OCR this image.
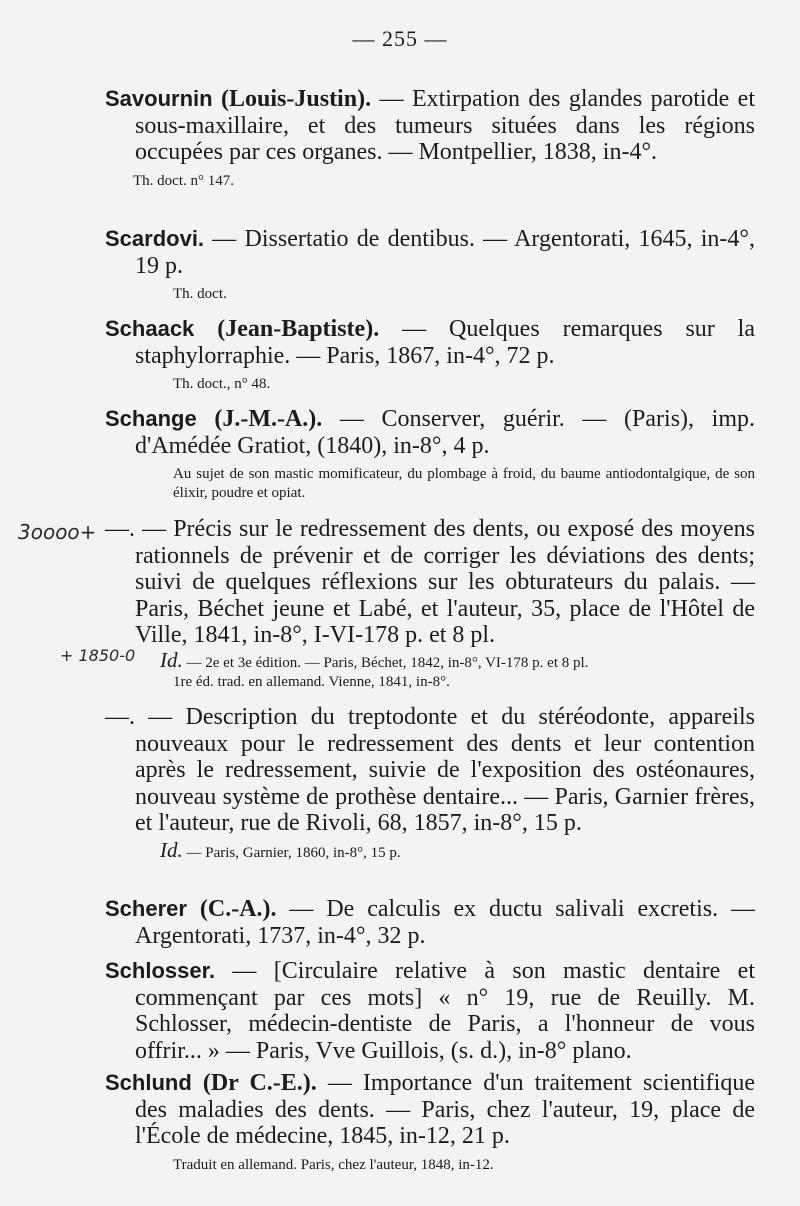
— 255 —
3oooo+
+ 1850-0
Savournin (Louis-Justin). — Extirpation des glandes parotide et sous-maxillaire, et des tumeurs situées dans les régions occupées par ces organes. — Montpellier, 1838, in-4°.
Th. doct. n° 147.
Scardovi. — Dissertatio de dentibus. — Argentorati, 1645, in-4°, 19 p.
Th. doct.
Schaack (Jean-Baptiste). — Quelques remarques sur la staphylorraphie. — Paris, 1867, in-4°, 72 p.
Th. doct., n° 48.
Schange (J.-M.-A.). — Conserver, guérir. — (Paris), imp. d'Amédée Gratiot, (1840), in-8°, 4 p.
Au sujet de son mastic momificateur, du plombage à froid, du baume antiodontalgique, de son élixir, poudre et opiat.
—. — Précis sur le redressement des dents, ou exposé des moyens rationnels de prévenir et de corriger les déviations des dents; suivi de quelques réflexions sur les obturateurs du palais. — Paris, Béchet jeune et Labé, et l'auteur, 35, place de l'Hôtel de Ville, 1841, in-8°, I-VI-178 p. et 8 pl.
Id. — 2e et 3e édition. — Paris, Béchet, 1842, in-8°, VI-178 p. et 8 pl.
1re éd. trad. en allemand. Vienne, 1841, in-8°.
—. — Description du treptodonte et du stéréodonte, appareils nouveaux pour le redressement des dents et leur contention après le redressement, suivie de l'exposition des ostéonaures, nouveau système de prothèse dentaire... — Paris, Garnier frères, et l'auteur, rue de Rivoli, 68, 1857, in-8°, 15 p.
Id. — Paris, Garnier, 1860, in-8°, 15 p.
Scherer (C.-A.). — De calculis ex ductu salivali excretis. — Argentorati, 1737, in-4°, 32 p.
Schlosser. — [Circulaire relative à son mastic dentaire et commençant par ces mots] « n° 19, rue de Reuilly. M. Schlosser, médecin-dentiste de Paris, a l'honneur de vous offrir... » — Paris, Vve Guillois, (s. d.), in-8° plano.
Schlund (Dr C.-E.). — Importance d'un traitement scientifique des maladies des dents. — Paris, chez l'auteur, 19, place de l'École de médecine, 1845, in-12, 21 p.
Traduit en allemand. Paris, chez l'auteur, 1848, in-12.
